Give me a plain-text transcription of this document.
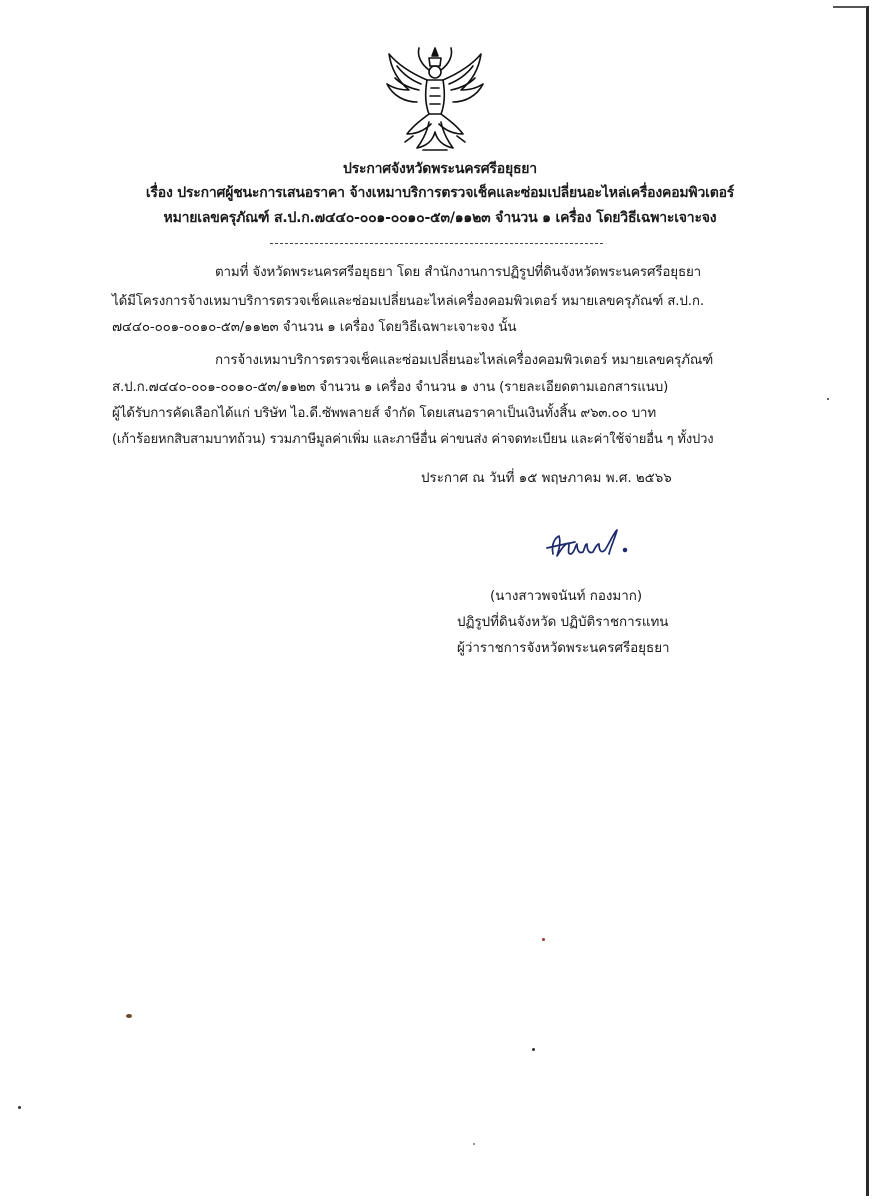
ประกาศจังหวัดพระนครศรีอยุธยา
เรื่อง ประกาศผู้ชนะการเสนอราคา จ้างเหมาบริการตรวจเช็คและซ่อมเปลี่ยนอะไหล่เครื่องคอมพิวเตอร์
หมายเลขครุภัณฑ์ ส.ป.ก.๗๔๔๐-๐๐๑-๐๐๑๐-๕๓/๑๑๒๓ จำนวน ๑ เครื่อง โดยวิธีเฉพาะเจาะจง
ตามที่ จังหวัดพระนครศรีอยุธยา โดย สำนักงานการปฏิรูปที่ดินจังหวัดพระนครศรีอยุธยา
ได้มีโครงการจ้างเหมาบริการตรวจเช็คและซ่อมเปลี่ยนอะไหล่เครื่องคอมพิวเตอร์ หมายเลขครุภัณฑ์ ส.ป.ก.
๗๔๔๐-๐๐๑-๐๐๑๐-๕๓/๑๑๒๓ จำนวน ๑ เครื่อง โดยวิธีเฉพาะเจาะจง นั้น
การจ้างเหมาบริการตรวจเช็คและซ่อมเปลี่ยนอะไหล่เครื่องคอมพิวเตอร์ หมายเลขครุภัณฑ์
ส.ป.ก.๗๔๔๐-๐๐๑-๐๐๑๐-๕๓/๑๑๒๓ จำนวน ๑ เครื่อง จำนวน ๑ งาน (รายละเอียดตามเอกสารแนบ)
ผู้ได้รับการคัดเลือกได้แก่ บริษัท ไอ.ดี.ซัพพลายส์ จำกัด โดยเสนอราคาเป็นเงินทั้งสิ้น ๙๖๓.๐๐ บาท
(เก้าร้อยหกสิบสามบาทถ้วน) รวมภาษีมูลค่าเพิ่ม และภาษีอื่น ค่าขนส่ง ค่าจดทะเบียน และค่าใช้จ่ายอื่น ๆ ทั้งปวง
ประกาศ ณ วันที่ ๑๕ พฤษภาคม พ.ศ. ๒๕๖๖
(นางสาวพจนันท์ กองมาก)
ปฏิรูปที่ดินจังหวัด ปฏิบัติราชการแทน
ผู้ว่าราชการจังหวัดพระนครศรีอยุธยา
